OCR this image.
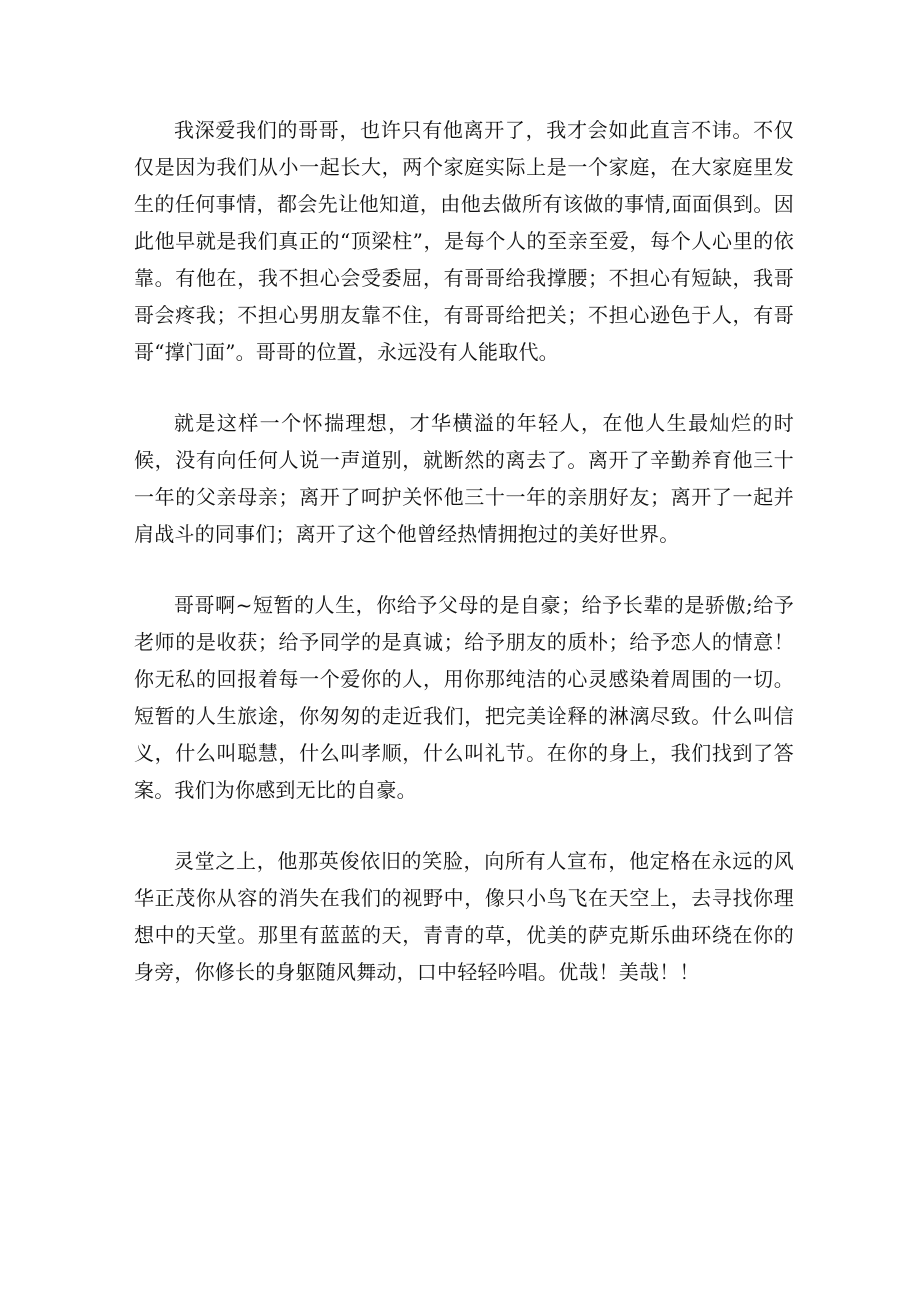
我深爱我们的哥哥，也许只有他离开了，我才会如此直言不讳。不仅仅是因为我们从小一起长大，两个家庭实际上是一个家庭，在大家庭里发生的任何事情，都会先让他知道，由他去做所有该做的事情,面面俱到。因此他早就是我们真正的“顶梁柱”，是每个人的至亲至爱，每个人心里的依靠。有他在，我不担心会受委屈，有哥哥给我撑腰；不担心有短缺，我哥哥会疼我；不担心男朋友靠不住，有哥哥给把关；不担心逊色于人，有哥哥“撑门面”。哥哥的位置，永远没有人能取代。

就是这样一个怀揣理想，才华横溢的年轻人，在他人生最灿烂的时候，没有向任何人说一声道别，就断然的离去了。离开了辛勤养育他三十一年的父亲母亲；离开了呵护关怀他三十一年的亲朋好友；离开了一起并肩战斗的同事们；离开了这个他曾经热情拥抱过的美好世界。

哥哥啊~短暂的人生，你给予父母的是自豪；给予长辈的是骄傲;给予老师的是收获；给予同学的是真诚；给予朋友的质朴；给予恋人的情意！你无私的回报着每一个爱你的人，用你那纯洁的心灵感染着周围的一切。短暂的人生旅途，你匆匆的走近我们，把完美诠释的淋漓尽致。什么叫信义，什么叫聪慧，什么叫孝顺，什么叫礼节。在你的身上，我们找到了答案。我们为你感到无比的自豪。

灵堂之上，他那英俊依旧的笑脸，向所有人宣布，他定格在永远的风华正茂你从容的消失在我们的视野中，像只小鸟飞在天空上，去寻找你理想中的天堂。那里有蓝蓝的天，青青的草，优美的萨克斯乐曲环绕在你的身旁，你修长的身躯随风舞动，口中轻轻吟唱。优哉！美哉！！
